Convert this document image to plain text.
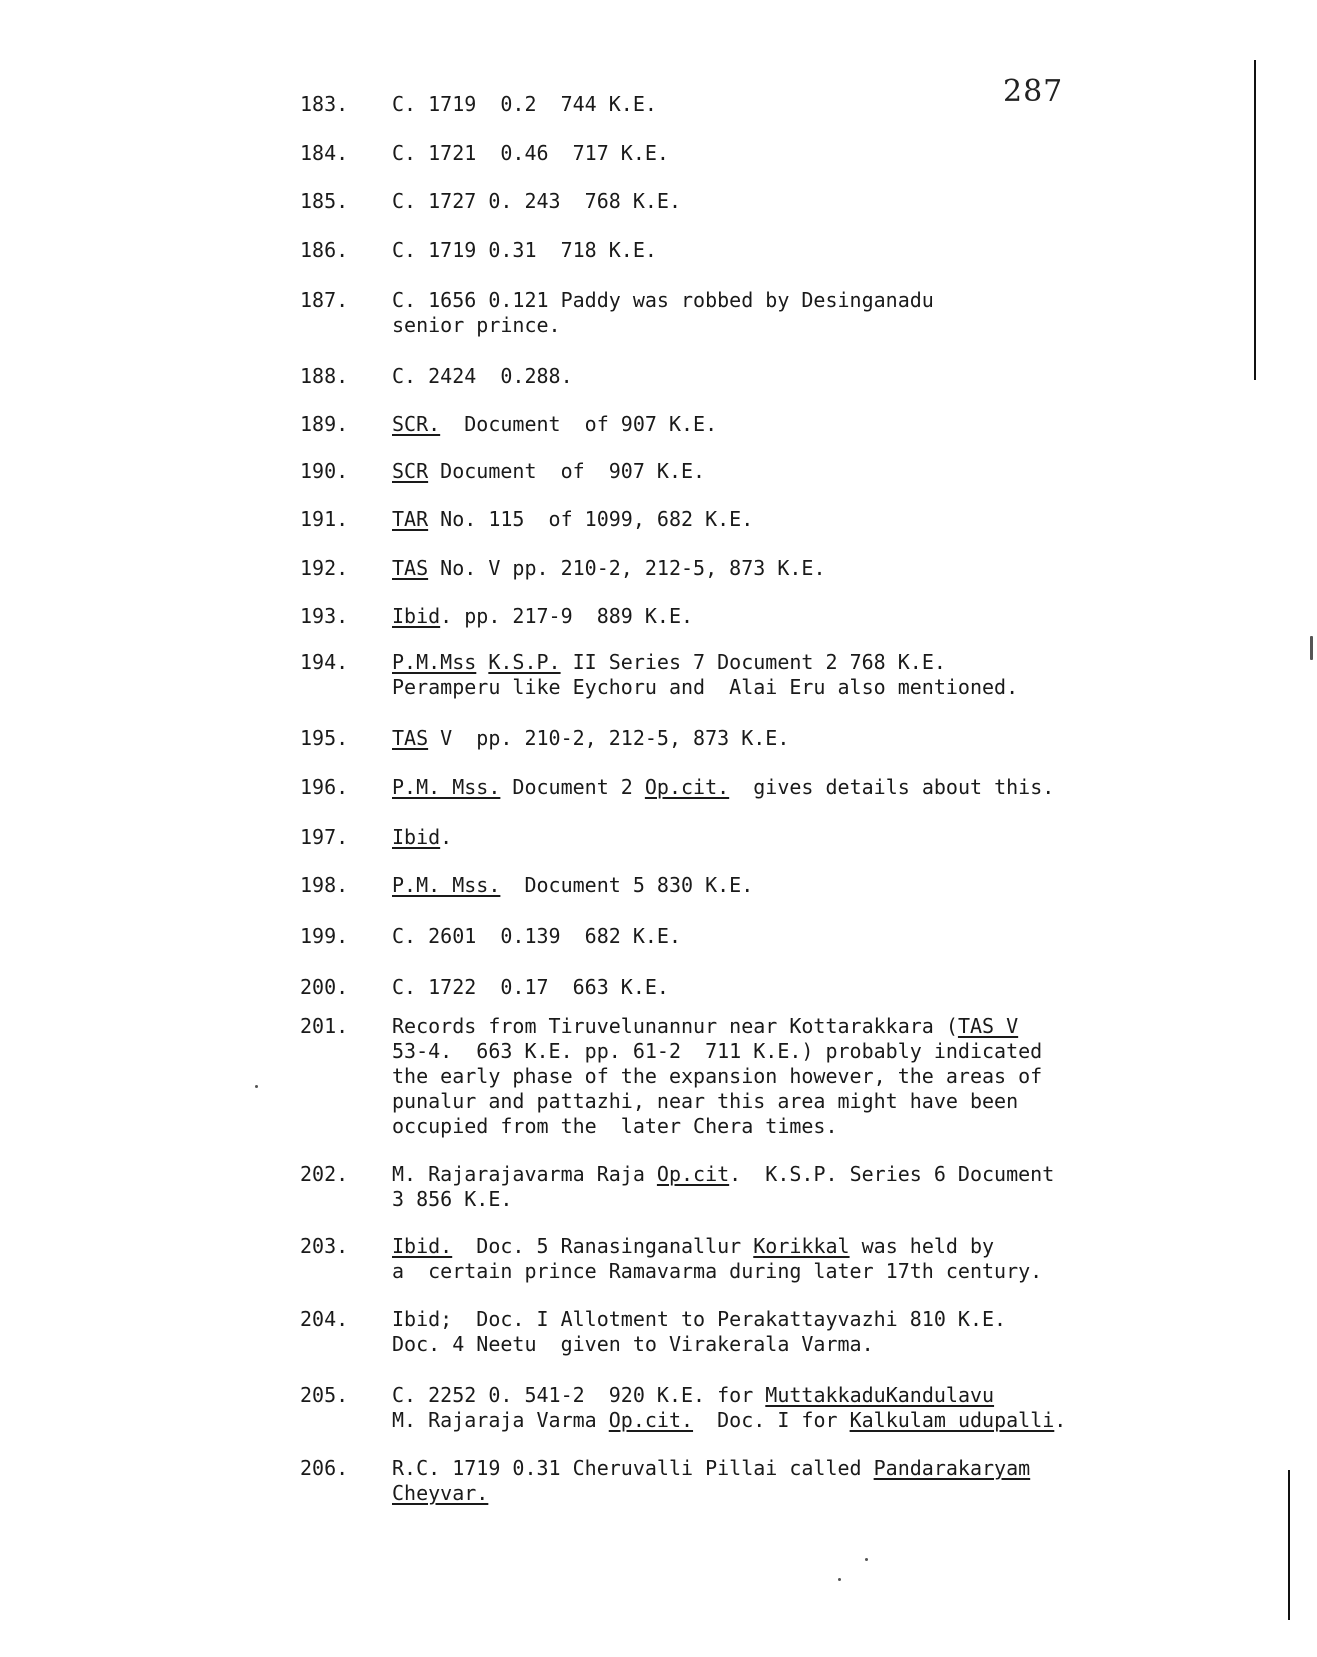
287
183.	C. 1719  0.2  744 K.E.
184.	C. 1721  0.46  717 K.E.
185.	C. 1727 0. 243  768 K.E.
186.	C. 1719 0.31  718 K.E.
187.	C. 1656 0.121 Paddy was robbed by Desinganadu
senior prince.
188.	C. 2424  0.288.
189.	SCR.  Document  of 907 K.E.
190.	SCR Document  of  907 K.E.
191.	TAR No. 115  of 1099, 682 K.E.
192.	TAS No. V pp. 210-2, 212-5, 873 K.E.
193.	Ibid. pp. 217-9  889 K.E.
194.	P.M.Mss K.S.P. II Series 7 Document 2 768 K.E.
Peramperu like Eychoru and  Alai Eru also mentioned.
195.	TAS V  pp. 210-2, 212-5, 873 K.E.
196.	P.M. Mss. Document 2 Op.cit.  gives details about this.
197.	Ibid.
198.	P.M. Mss.  Document 5 830 K.E.
199.	C. 2601  0.139  682 K.E.
200.	C. 1722  0.17  663 K.E.
201.	Records from Tiruvelunannur near Kottarakkara (TAS V
53-4.  663 K.E. pp. 61-2  711 K.E.) probably indicated
the early phase of the expansion however, the areas of
punalur and pattazhi, near this area might have been
occupied from the  later Chera times.
202.	M. Rajarajavarma Raja Op.cit.  K.S.P. Series 6 Document
3 856 K.E.
203.	Ibid.  Doc. 5 Ranasinganallur Korikkal was held by
a  certain prince Ramavarma during later 17th century.
204.	Ibid;  Doc. I Allotment to Perakattayvazhi 810 K.E.
Doc. 4 Neetu  given to Virakerala Varma.
205.	C. 2252 0. 541-2  920 K.E. for MuttakkaduKandulavu
M. Rajaraja Varma Op.cit.  Doc. I for Kalkulam udupalli.
206.	R.C. 1719 0.31 Cheruvalli Pillai called Pandarakaryam
Cheyvar.
